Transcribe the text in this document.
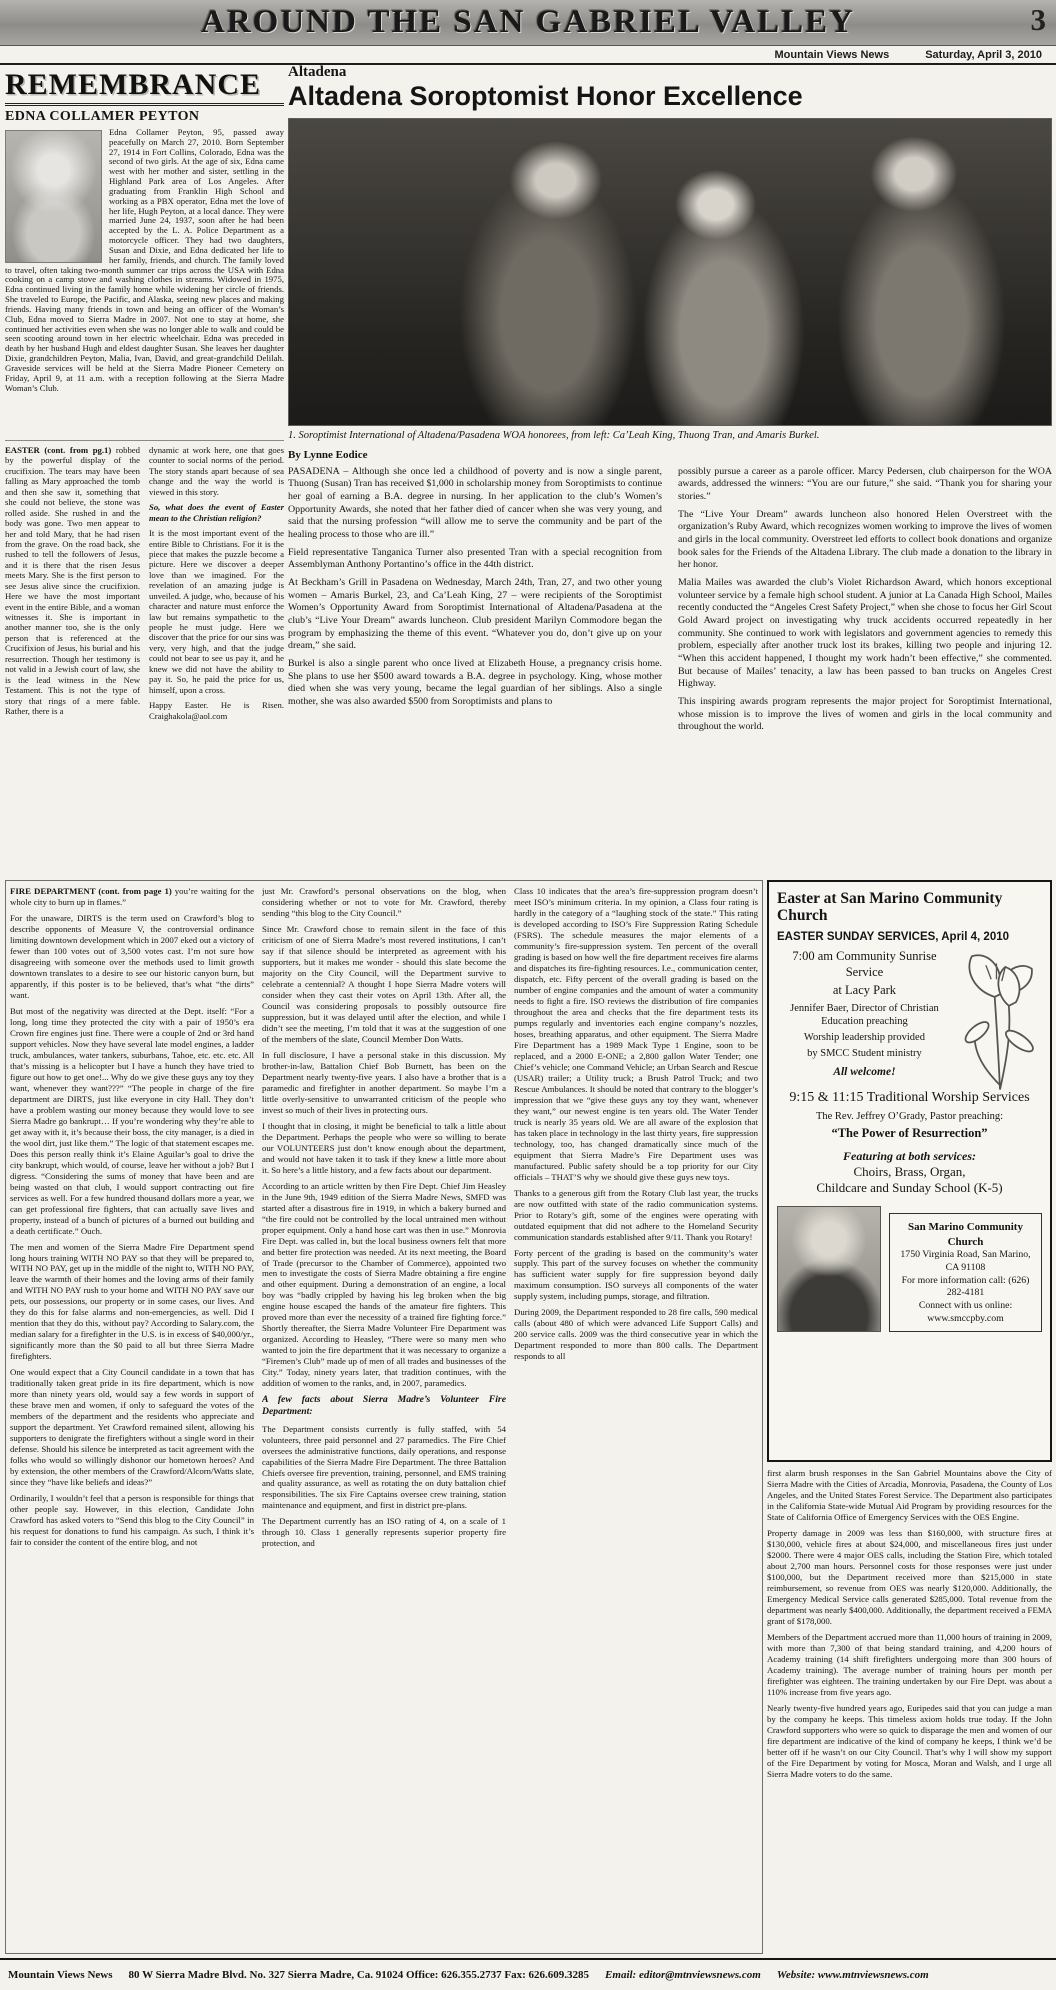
AROUND THE SAN GABRIEL VALLEY	3
Mountain Views News	Saturday, April 3, 2010
REMEMBRANCE
EDNA COLLAMER PEYTON
Edna Collamer Peyton, 95, passed away peacefully on March 27, 2010. Born September 27, 1914 in Fort Collins, Colorado, Edna was the second of two girls. At the age of six, Edna came west with her mother and sister, settling in the Highland Park area of Los Angeles. After graduating from Franklin High School and working as a PBX operator, Edna met the love of her life, Hugh Peyton, at a local dance. They were married June 24, 1937, soon after he had been accepted by the L. A. Police Department as a motorcycle officer. They had two daughters, Susan and Dixie, and Edna dedicated her life to her family, friends, and church. The family loved to travel, often taking two-month summer car trips across the USA with Edna cooking on a camp stove and washing clothes in streams. Widowed in 1975, Edna continued living in the family home while widening her circle of friends. She traveled to Europe, the Pacific, and Alaska, seeing new places and making friends. Having many friends in town and being an officer of the Woman’s Club, Edna moved to Sierra Madre in 2007. Not one to stay at home, she continued her activities even when she was no longer able to walk and could be seen scooting around town in her electric wheelchair. Edna was preceded in death by her husband Hugh and eldest daughter Susan. She leaves her daughter Dixie, grandchildren Peyton, Malia, Ivan, David, and great-grandchild Delilah. Graveside services will be held at the Sierra Madre Pioneer Cemetery on Friday, April 9, at 11 a.m. with a reception following at the Sierra Madre Woman’s Club.

EASTER (cont. from pg.1) robbed by the powerful display of the crucifixion. The tears may have been falling as Mary approached the tomb and then she saw it, something that she could not believe, the stone was rolled aside. She rushed in and the body was gone. Two men appear to her and told Mary, that he had risen from the grave. On the road back, she rushed to tell the followers of Jesus, and it is there that the risen Jesus meets Mary. She is the first person to see Jesus alive since the crucifixion. Here we have the most important event in the entire Bible, and a woman witnesses it. She is important in another manner too, she is the only person that is referenced at the Crucifixion of Jesus, his burial and his resurrection. Though her testimony is not valid in a Jewish court of law, she is the lead witness in the New Testament. This is not the type of story that rings of a mere fable. Rather, there is a

dynamic at work here, one that goes counter to social norms of the period. The story stands apart because of sea change and the way the world is viewed in this story.

So, what does the event of Easter mean to the Christian religion?

It is the most important event of the entire Bible to Christians. For it is the piece that makes the puzzle become a picture. Here we discover a deeper love than we imagined. For the revelation of an amazing judge is unveiled. A judge, who, because of his character and nature must enforce the law but remains sympathetic to the people he must judge. Here we discover that the price for our sins was very, very high, and that the judge could not bear to see us pay it, and he knew we did not have the ability to pay it. So, he paid the price for us, himself, upon a cross.

Happy Easter. He is Risen. Craighakola@aol.com

Altadena
Altadena Soroptomist Honor Excellence

1. Soroptimist International of Altadena/Pasadena WOA honorees, from left: Ca’Leah King, Thuong Tran, and Amaris Burkel.

By Lynne Eodice

PASADENA – Although she once led a childhood of poverty and is now a single parent, Thuong (Susan) Tran has received $1,000 in scholarship money from Soroptimists to continue her goal of earning a B.A. degree in nursing. In her application to the club’s Women’s Opportunity Awards, she noted that her father died of cancer when she was very young, and said that the nursing profession “will allow me to serve the community and be part of the healing process to those who are ill.”

Field representative Tanganica Turner also presented Tran with a special recognition from Assemblyman Anthony Portantino’s office in the 44th district.

At Beckham’s Grill in Pasadena on Wednesday, March 24th, Tran, 27, and two other young women – Amaris Burkel, 23, and Ca’Leah King, 27 – were recipients of the Soroptimist Women’s Opportunity Award from Soroptimist International of Altadena/Pasadena at the club’s “Live Your Dream” awards luncheon. Club president Marilyn Commodore began the program by emphasizing the theme of this event. “Whatever you do, don’t give up on your dream,” she said.

Burkel is also a single parent who once lived at Elizabeth House, a pregnancy crisis home. She plans to use her $500 award towards a B.A. degree in psychology. King, whose mother died when she was very young, became the legal guardian of her siblings. Also a single mother, she was also awarded $500 from Soroptimists and plans to

possibly pursue a career as a parole officer. Marcy Pedersen, club chairperson for the WOA awards, addressed the winners: “You are our future,” she said. “Thank you for sharing your stories.”

The “Live Your Dream” awards luncheon also honored Helen Overstreet with the organization’s Ruby Award, which recognizes women working to improve the lives of women and girls in the local community. Overstreet led efforts to collect book donations and organize book sales for the Friends of the Altadena Library. The club made a donation to the library in her honor.

Malia Mailes was awarded the club’s Violet Richardson Award, which honors exceptional volunteer service by a female high school student. A junior at La Canada High School, Mailes recently conducted the “Angeles Crest Safety Project,” when she chose to focus her Girl Scout Gold Award project on investigating why truck accidents occurred repeatedly in her community. She continued to work with legislators and government agencies to remedy this problem, especially after another truck lost its brakes, killing two people and injuring 12. “When this accident happened, I thought my work hadn’t been effective,” she commented. But because of Mailes’ tenacity, a law has been passed to ban trucks on Angeles Crest Highway.

This inspiring awards program represents the major project for Soroptimist International, whose mission is to improve the lives of women and girls in the local community and throughout the world.

FIRE DEPARTMENT (cont. from page 1) you’re waiting for the whole city to burn up in flames.”

For the unaware, DIRTS is the term used on Crawford’s blog to describe opponents of Measure V, the controversial ordinance limiting downtown development which in 2007 eked out a victory of fewer than 100 votes out of 3,500 votes cast. I’m not sure how disagreeing with someone over the methods used to limit growth downtown translates to a desire to see our historic canyon burn, but apparently, if this poster is to be believed, that’s what “the dirts” want.

But most of the negativity was directed at the Dept. itself: “For a long, long time they protected the city with a pair of 1950’s era Crown fire engines just fine. There were a couple of 2nd or 3rd hand support vehicles. Now they have several late model engines, a ladder truck, ambulances, water tankers, suburbans, Tahoe, etc. etc. etc. All that’s missing is a helicopter but I have a hunch they have tried to figure out how to get one!... Why do we give these guys any toy they want, whenever they want???” “The people in charge of the fire department are DIRTS, just like everyone in city Hall. They don’t have a problem wasting our money because they would love to see Sierra Madre go bankrupt… If you’re wondering why they’re able to get away with it, it’s because their boss, the city manager, is a died in the wool dirt, just like them.” The logic of that statement escapes me. Does this person really think it’s Elaine Aguilar’s goal to drive the city bankrupt, which would, of course, leave her without a job? But I digress. “Considering the sums of money that have been and are being wasted on that club, I would support contracting out fire services as well. For a few hundred thousand dollars more a year, we can get professional fire fighters, that can actually save lives and property, instead of a bunch of pictures of a burned out building and a death certificate.” Ouch.

The men and women of the Sierra Madre Fire Department spend long hours training WITH NO PAY so that they will be prepared to, WITH NO PAY, get up in the middle of the night to, WITH NO PAY, leave the warmth of their homes and the loving arms of their family and WITH NO PAY rush to your home and WITH NO PAY save our pets, our possessions, our property or in some cases, our lives. And they do this for false alarms and non-emergencies, as well. Did I mention that they do this, without pay? According to Salary.com, the median salary for a firefighter in the U.S. is in excess of $40,000/yr., significantly more than the $0 paid to all but three Sierra Madre firefighters.

One would expect that a City Council candidate in a town that has traditionally taken great pride in its fire department, which is now more than ninety years old, would say a few words in support of these brave men and women, if only to safeguard the votes of the members of the department and the residents who appreciate and support the department. Yet Crawford remained silent, allowing his supporters to denigrate the firefighters without a single word in their defense. Should his silence be interpreted as tacit agreement with the folks who would so willingly dishonor our hometown heroes? And by extension, the other members of the Crawford/Alcorn/Watts slate, since they “have like beliefs and ideas?”

Ordinarily, I wouldn’t feel that a person is responsible for things that other people say. However, in this election, Candidate John Crawford has asked voters to “Send this blog to the City Council” in his request for donations to fund his campaign. As such, I think it’s fair to consider the content of the entire blog, and not

just Mr. Crawford’s personal observations on the blog, when considering whether or not to vote for Mr. Crawford, thereby sending “this blog to the City Council.”

Since Mr. Crawford chose to remain silent in the face of this criticism of one of Sierra Madre’s most revered institutions, I can’t say if that silence should be interpreted as agreement with his supporters, but it makes me wonder - should this slate become the majority on the City Council, will the Department survive to celebrate a centennial? A thought I hope Sierra Madre voters will consider when they cast their votes on April 13th. After all, the Council was considering proposals to possibly outsource fire suppression, but it was delayed until after the election, and while I didn’t see the meeting, I’m told that it was at the suggestion of one of the members of the slate, Council Member Don Watts.

In full disclosure, I have a personal stake in this discussion. My brother-in-law, Battalion Chief Bob Burnett, has been on the Department nearly twenty-five years. I also have a brother that is a paramedic and firefighter in another department. So maybe I’m a little overly-sensitive to unwarranted criticism of the people who invest so much of their lives in protecting ours.

I thought that in closing, it might be beneficial to talk a little about the Department. Perhaps the people who were so willing to berate our VOLUNTEERS just don’t know enough about the department, and would not have taken it to task if they knew a little more about it. So here’s a little history, and a few facts about our department.

According to an article written by then Fire Dept. Chief Jim Heasley in the June 9th, 1949 edition of the Sierra Madre News, SMFD was started after a disastrous fire in 1919, in which a bakery burned and “the fire could not be controlled by the local untrained men without proper equipment. Only a hand hose cart was then in use.” Monrovia Fire Dept. was called in, but the local business owners felt that more and better fire protection was needed. At its next meeting, the Board of Trade (precursor to the Chamber of Commerce), appointed two men to investigate the costs of Sierra Madre obtaining a fire engine and other equipment. During a demonstration of an engine, a local boy was “badly crippled by having his leg broken when the big engine house escaped the hands of the amateur fire fighters. This proved more than ever the necessity of a trained fire fighting force.” Shortly thereafter, the Sierra Madre Volunteer Fire Department was organized. According to Heasley, “There were so many men who wanted to join the fire department that it was necessary to organize a “Firemen’s Club” made up of men of all trades and businesses of the City.” Today, ninety years later, that tradition continues, with the addition of women to the ranks, and, in 2007, paramedics.

A few facts about Sierra Madre’s Volunteer Fire Department:

The Department consists currently is fully staffed, with 54 volunteers, three paid personnel and 27 paramedics. The Fire Chief oversees the administrative functions, daily operations, and response capabilities of the Sierra Madre Fire Department. The three Battalion Chiefs oversee fire prevention, training, personnel, and EMS training and quality assurance, as well as rotating the on duty battalion chief responsibilities. The six Fire Captains oversee crew training, station maintenance and equipment, and first in district pre-plans.

The Department currently has an ISO rating of 4, on a scale of 1 through 10. Class 1 generally represents superior property fire protection, and

Class 10 indicates that the area’s fire-suppression program doesn’t meet ISO’s minimum criteria. In my opinion, a Class four rating is hardly in the category of a “laughing stock of the state.” This rating is developed according to ISO’s Fire Suppression Rating Schedule (FSRS). The schedule measures the major elements of a community’s fire-suppression system. Ten percent of the overall grading is based on how well the fire department receives fire alarms and dispatches its fire-fighting resources. I.e., communication center, dispatch, etc. Fifty percent of the overall grading is based on the number of engine companies and the amount of water a community needs to fight a fire. ISO reviews the distribution of fire companies throughout the area and checks that the fire department tests its pumps regularly and inventories each engine company’s nozzles, hoses, breathing apparatus, and other equipment. The Sierra Madre Fire Department has a 1989 Mack Type 1 Engine, soon to be replaced, and a 2000 E-ONE; a 2,800 gallon Water Tender; one Chief’s vehicle; one Command Vehicle; an Urban Search and Rescue (USAR) trailer; a Utility truck; a Brush Patrol Truck; and two Rescue Ambulances. It should be noted that contrary to the blogger’s impression that we “give these guys any toy they want, whenever they want,” our newest engine is ten years old. The Water Tender truck is nearly 35 years old. We are all aware of the explosion that has taken place in technology in the last thirty years, fire suppression technology, too, has changed dramatically since much of the equipment that Sierra Madre’s Fire Department uses was manufactured. Public safety should be a top priority for our City officials – THAT’S why we should give these guys new toys.

Thanks to a generous gift from the Rotary Club last year, the trucks are now outfitted with state of the radio communication systems. Prior to Rotary’s gift, some of the engines were operating with outdated equipment that did not adhere to the Homeland Security communication standards established after 9/11. Thank you Rotary!

Forty percent of the grading is based on the community’s water supply. This part of the survey focuses on whether the community has sufficient water supply for fire suppression beyond daily maximum consumption. ISO surveys all components of the water supply system, including pumps, storage, and filtration.

During 2009, the Department responded to 28 fire calls, 590 medical calls (about 480 of which were advanced Life Support Calls) and 200 service calls. 2009 was the third consecutive year in which the Department responded to more than 800 calls. The Department responds to all

Easter at San Marino Community Church
EASTER SUNDAY SERVICES, April 4, 2010

7:00 am Community Sunrise Service

at Lacy Park

Jennifer Baer, Director of Christian Education preaching

Worship leadership provided

by SMCC Student ministry

All welcome!

9:15 & 11:15 Traditional Worship Services

The Rev. Jeffrey O’Grady, Pastor preaching:

“The Power of Resurrection”

Featuring at both services:

Choirs, Brass, Organ,

Childcare and Sunday School (K-5)

San Marino Community Church
1750 Virginia Road, San Marino, CA 91108
For more information call: (626) 282-4181
Connect with us online: www.smccpby.com

first alarm brush responses in the San Gabriel Mountains above the City of Sierra Madre with the Cities of Arcadia, Monrovia, Pasadena, the County of Los Angeles, and the United States Forest Service. The Department also participates in the California State-wide Mutual Aid Program by providing resources for the State of California Office of Emergency Services with the OES Engine.

Property damage in 2009 was less than $160,000, with structure fires at $130,000, vehicle fires at about $24,000, and miscellaneous fires just under $2000. There were 4 major OES calls, including the Station Fire, which totaled about 2,700 man hours. Personnel costs for those responses were just under $100,000, but the Department received more than $215,000 in state reimbursement, so revenue from OES was nearly $120,000. Additionally, the Emergency Medical Service calls generated $285,000. Total revenue from the department was nearly $400,000. Additionally, the department received a FEMA grant of $178,000.

Members of the Department accrued more than 11,000 hours of training in 2009, with more than 7,300 of that being standard training, and 4,200 hours of Academy training (14 shift firefighters undergoing more than 300 hours of Academy training). The average number of training hours per month per firefighter was eighteen. The training undertaken by our Fire Dept. was about a 110% increase from five years ago.

Nearly twenty-five hundred years ago, Euripedes said that you can judge a man by the company he keeps. This timeless axiom holds true today. If the John Crawford supporters who were so quick to disparage the men and women of our fire department are indicative of the kind of company he keeps, I think we’d be better off if he wasn’t on our City Council. That’s why I will show my support of the Fire Department by voting for Mosca, Moran and Walsh, and I urge all Sierra Madre voters to do the same.

Mountain Views News 80 W Sierra Madre Blvd. No. 327 Sierra Madre, Ca. 91024 Office: 626.355.2737 Fax: 626.609.3285 Email: editor@mtnviewsnews.com Website: www.mtnviewsnews.com
